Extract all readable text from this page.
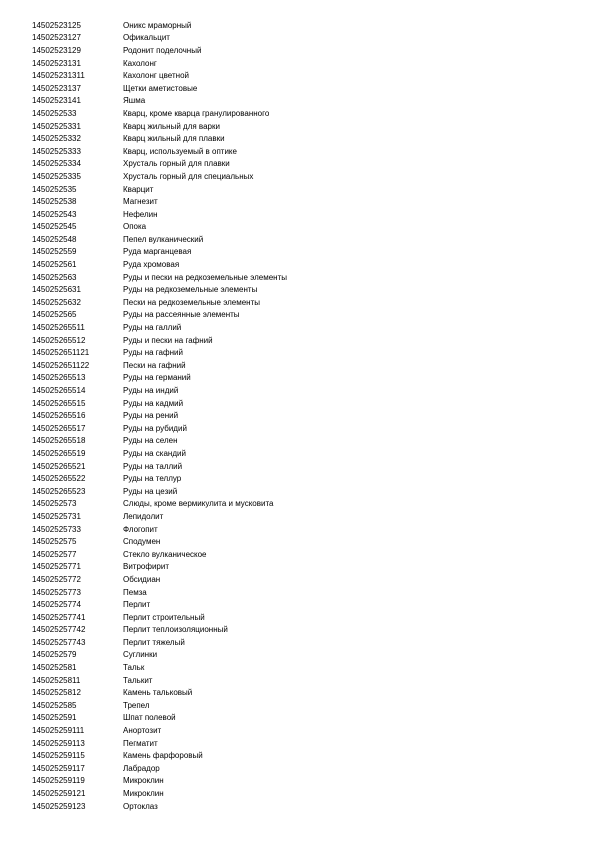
14502523125	Оникс мраморный
14502523127	Офикальцит
14502523129	Родонит поделочный
14502523131	Кахолонг
145025231311	Кахолонг цветной
14502523137	Щетки аметистовые
14502523141	Яшма
1450252533	Кварц, кроме кварца гранулированного
14502525331	Кварц жильный для варки
14502525332	Кварц жильный для плавки
14502525333	Кварц, используемый в оптике
14502525334	Хрусталь горный для плавки
14502525335	Хрусталь горный для специальных
1450252535	Кварцит
1450252538	Магнезит
1450252543	Нефелин
1450252545	Опока
1450252548	Пепел вулканический
1450252559	Руда марганцевая
1450252561	Руда хромовая
1450252563	Руды и пески на редкоземельные элементы
14502525631	Руды на редкоземельные элементы
14502525632	Пески на редкоземельные элементы
1450252565	Руды на рассеянные элементы
145025265511	Руды на галлий
145025265512	Руды и пески на гафний
1450252651121	Руды на гафний
1450252651122	Пески на гафний
145025265513	Руды на германий
145025265514	Руды на индий
145025265515	Руды на кадмий
145025265516	Руды на рений
145025265517	Руды на рубидий
145025265518	Руды на селен
145025265519	Руды на скандий
145025265521	Руды на таллий
145025265522	Руды на теллур
145025265523	Руды на цезий
1450252573	Слюды, кроме вермикулита и мусковита
14502525731	Лепидолит
14502525733	Флогопит
1450252575	Сподумен
1450252577	Стекло вулканическое
14502525771	Витрофирит
14502525772	Обсидиан
14502525773	Пемза
14502525774	Перлит
145025257741	Перлит строительный
145025257742	Перлит теплоизоляционный
145025257743	Перлит тяжелый
1450252579	Суглинки
1450252581	Тальк
14502525811	Талькит
14502525812	Камень тальковый
1450252585	Трепел
1450252591	Шпат полевой
145025259111	Анортозит
145025259113	Пегматит
145025259115	Камень фарфоровый
145025259117	Лабрадор
145025259119	Микроклин
145025259121	Микроклин
145025259123	Ортоклаз
